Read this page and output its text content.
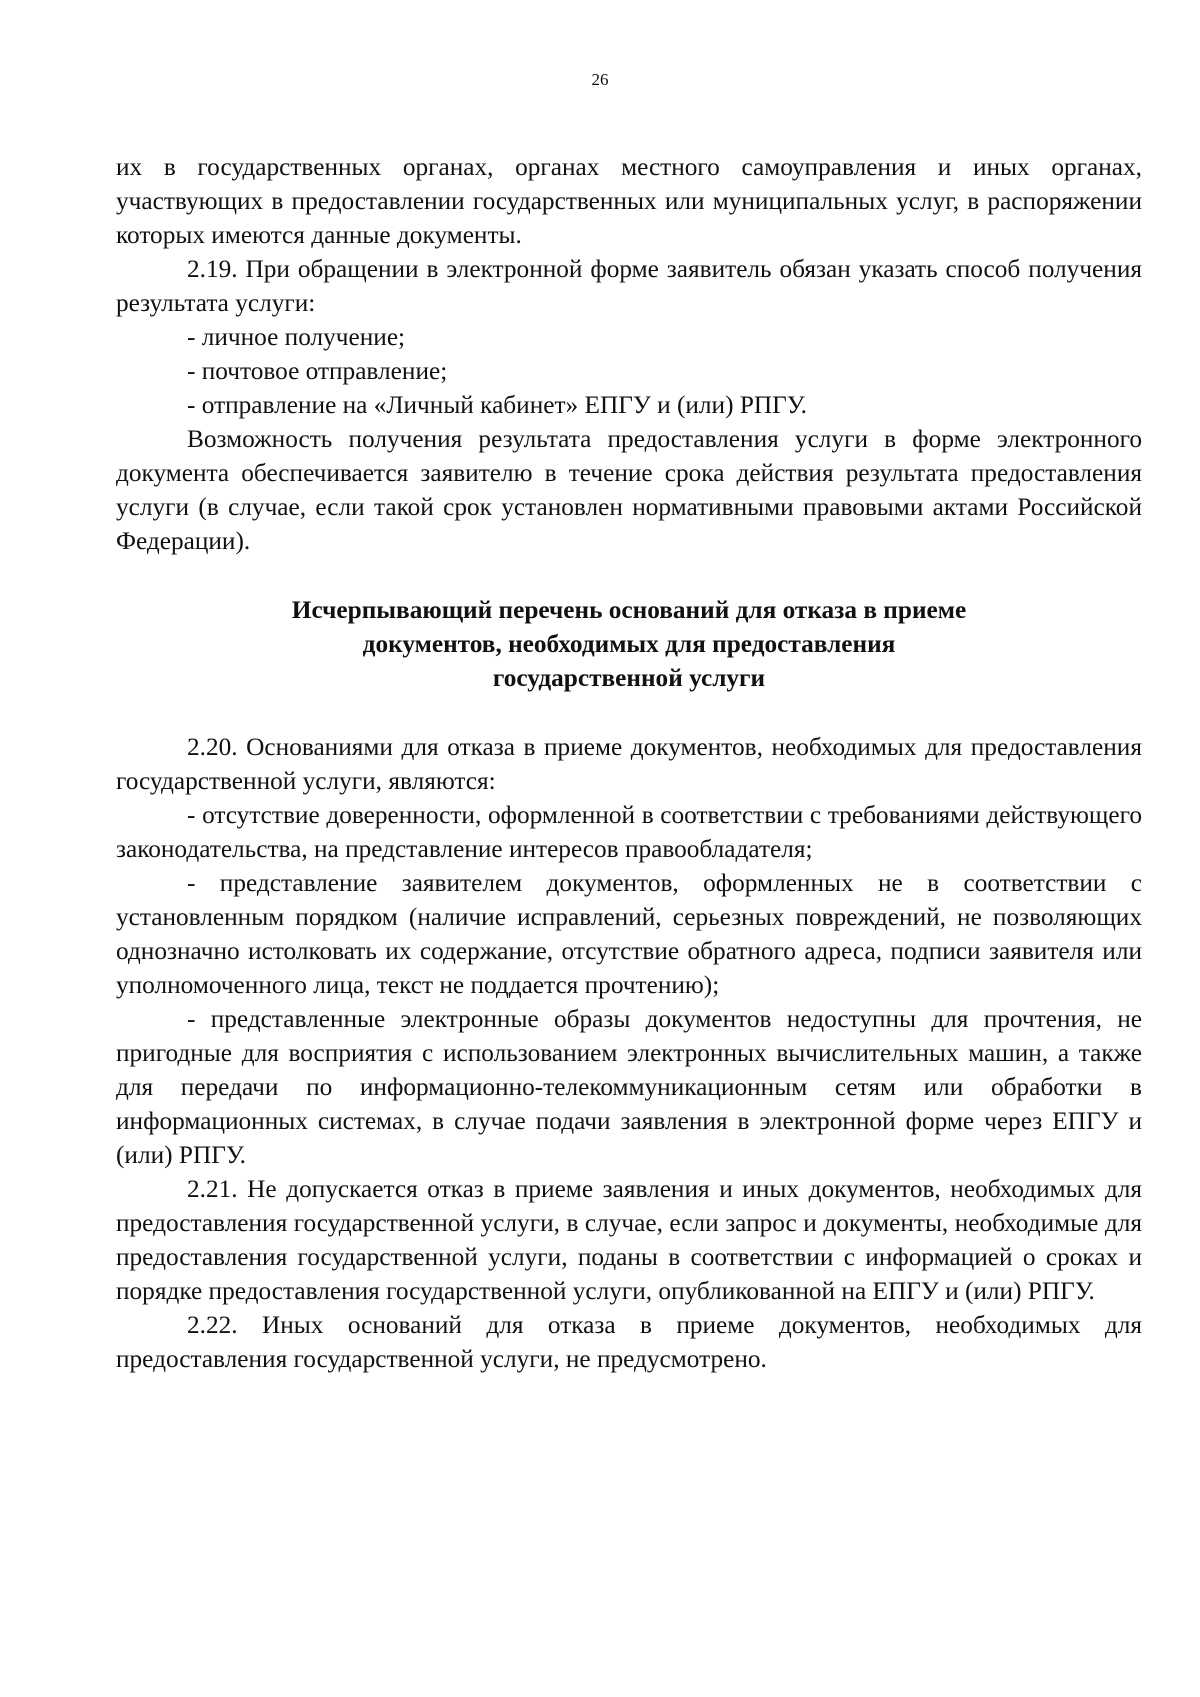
26

их в государственных органах, органах местного самоуправления и иных органах, участвующих в предоставлении государственных или муниципальных услуг, в распоряжении которых имеются данные документы.

2.19. При обращении в электронной форме заявитель обязан указать способ получения результата услуги:

- личное получение;

- почтовое отправление;

- отправление на «Личный кабинет» ЕПГУ и (или) РПГУ.

Возможность получения результата предоставления услуги в форме электронного документа обеспечивается заявителю в течение срока действия результата предоставления услуги (в случае, если такой срок установлен нормативными правовыми актами Российской Федерации).

Исчерпывающий перечень оснований для отказа в приеме
документов, необходимых для предоставления
государственной услуги

2.20. Основаниями для отказа в приеме документов, необходимых для предоставления государственной услуги, являются:

- отсутствие доверенности, оформленной в соответствии с требованиями действующего законодательства, на представление интересов правообладателя;

- представление заявителем документов, оформленных не в соответствии с установленным порядком (наличие исправлений, серьезных повреждений, не позволяющих однозначно истолковать их содержание, отсутствие обратного адреса, подписи заявителя или уполномоченного лица, текст не поддается прочтению);

- представленные электронные образы документов недоступны для прочтения, не пригодные для восприятия с использованием электронных вычислительных машин, а также для передачи по информационно-телекоммуникационным сетям или обработки в информационных системах, в случае подачи заявления в электронной форме через ЕПГУ и (или) РПГУ.

2.21. Не допускается отказ в приеме заявления и иных документов, необходимых для предоставления государственной услуги, в случае, если запрос и документы, необходимые для предоставления государственной услуги, поданы в соответствии с информацией о сроках и порядке предоставления государственной услуги, опубликованной на ЕПГУ и (или) РПГУ.

2.22. Иных оснований для отказа в приеме документов, необходимых для предоставления государственной услуги, не предусмотрено.
